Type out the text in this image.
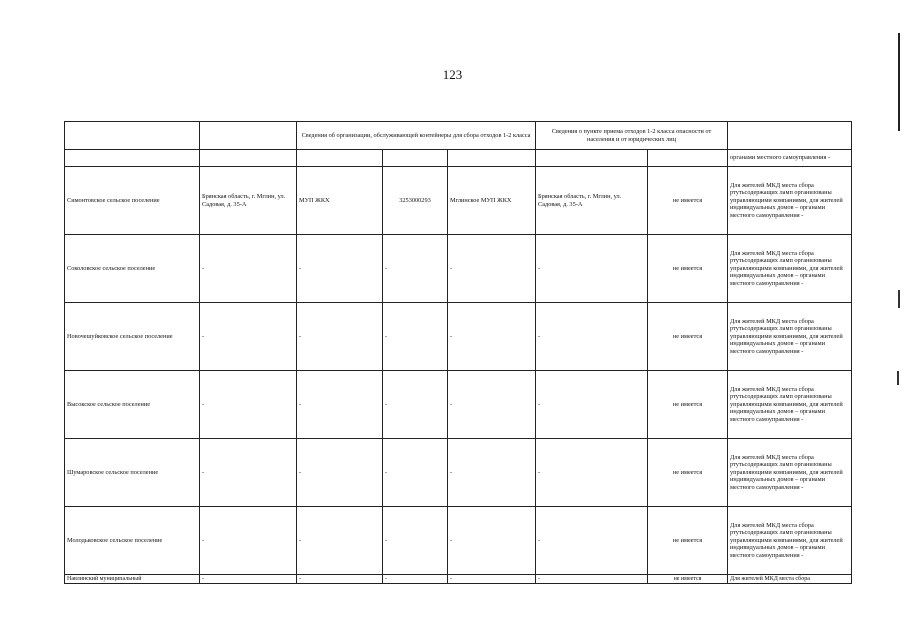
123
		Сведения об организации, обслуживающей контейнеры для сбора отходов 1-2 класса			Сведения о пункте приема отходов 1-2 класса опасности от населения и от юридических лиц		
							органами местного самоуправления -
Симонтовское сельское поселение	Брянская область, г. Мглин, ул. Садовая, д. 35-А	МУП ЖКХ	3253000293	Мглинское МУП ЖКХ	Брянская область, г. Мглин, ул. Садовая, д. 35-А	не имеется	Для жителей МКД места сбора ртутьсодержащих ламп организованы управляющими компаниями, для жителей индивидуальных домов – органами местного самоуправления -
Соколовское сельское поселение	-	-	-	-	-	не имеется	Для жителей МКД места сбора ртутьсодержащих ламп организованы управляющими компаниями, для жителей индивидуальных домов – органами местного самоуправления -
Новочешуйковское сельское поселение	-	-	-	-	-	не имеется	Для жителей МКД места сбора ртутьсодержащих ламп организованы управляющими компаниями, для жителей индивидуальных домов – органами местного самоуправления -
Высокское сельское поселение	-	-	-	-	-	не имеется	Для жителей МКД места сбора ртутьсодержащих ламп организованы управляющими компаниями, для жителей индивидуальных домов – органами местного самоуправления -
Шумаровское сельское поселение	-	-	-	-	-	не имеется	Для жителей МКД места сбора ртутьсодержащих ламп организованы управляющими компаниями, для жителей индивидуальных домов – органами местного самоуправления -
Молодьковское сельское поселение	-	-	-	-	-	не имеется	Для жителей МКД места сбора ртутьсодержащих ламп организованы управляющими компаниями, для жителей индивидуальных домов – органами местного самоуправления -
Навлинский муниципальный	-	-	-	-	-	не имеется	Для жителей МКД места сбора
